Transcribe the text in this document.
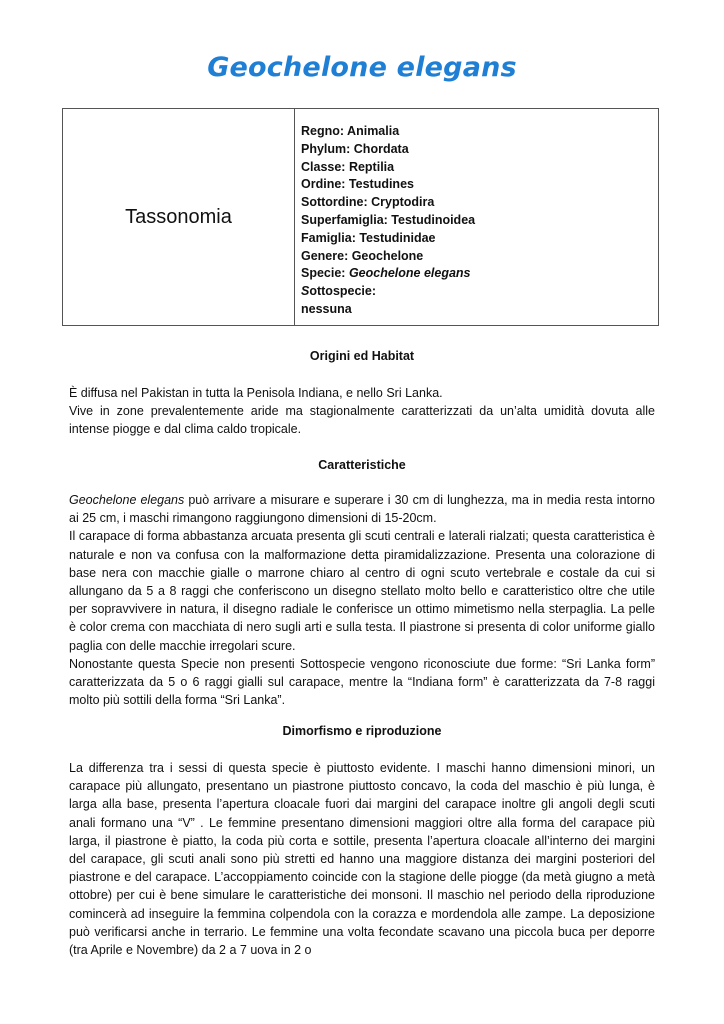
Geochelone elegans
Tassonomia
Regno: Animalia
Phylum: Chordata
Classe: Reptilia
Ordine: Testudines
Sottordine: Cryptodira
Superfamiglia: Testudinoidea
Famiglia: Testudinidae
Genere: Geochelone
Specie: Geochelone elegans
Sottospecie:
nessuna
Origini ed Habitat

È diffusa nel Pakistan in tutta la Penisola Indiana, e nello Sri Lanka.

Vive in zone prevalentemente aride ma stagionalmente caratterizzati da un’alta umidità dovuta alle intense piogge e dal clima caldo tropicale.

Caratteristiche

Geochelone elegans può arrivare a misurare e superare i 30 cm di lunghezza, ma in media resta intorno ai 25 cm, i maschi rimangono raggiungono dimensioni di 15-20cm.

Il carapace di forma abbastanza arcuata presenta gli scuti centrali e laterali rialzati; questa caratteristica è naturale e non va confusa con la malformazione detta piramidalizzazione. Presenta una colorazione di base nera con macchie gialle o marrone chiaro al centro di ogni scuto vertebrale e costale da cui si allungano da 5 a 8 raggi che conferiscono un disegno stellato molto bello e caratteristico oltre che utile per sopravvivere in natura, il disegno radiale le conferisce un ottimo mimetismo nella sterpaglia. La pelle è color crema con macchiata di nero sugli arti e sulla testa. Il piastrone si presenta di color uniforme giallo paglia con delle macchie irregolari scure.

Nonostante questa Specie non presenti Sottospecie vengono riconosciute due forme: “Sri Lanka form” caratterizzata da 5 o 6 raggi gialli sul carapace, mentre la “Indiana form” è caratterizzata da 7-8 raggi molto più sottili della forma “Sri Lanka”.

Dimorfismo e riproduzione

La differenza tra i sessi di questa specie è piuttosto evidente. I maschi hanno dimensioni minori, un carapace più allungato, presentano un piastrone piuttosto concavo, la coda del maschio è più lunga, è larga alla base, presenta l’apertura cloacale fuori dai margini del carapace inoltre gli angoli degli scuti anali formano una “V” . Le femmine presentano dimensioni maggiori oltre alla forma del carapace più larga, il piastrone è piatto, la coda più corta e sottile, presenta l’apertura cloacale all’interno dei margini del carapace, gli scuti anali sono più stretti ed hanno una maggiore distanza dei margini posteriori del piastrone e del carapace. L’accoppiamento coincide con la stagione delle piogge (da metà giugno a metà ottobre) per cui è bene simulare le caratteristiche dei monsoni. Il maschio nel periodo della riproduzione comincerà ad inseguire la femmina colpendola con la corazza e mordendola alle zampe. La deposizione può verificarsi anche in terrario. Le femmine una volta fecondate scavano una piccola buca per deporre (tra Aprile e Novembre) da 2 a 7 uova in 2 o
